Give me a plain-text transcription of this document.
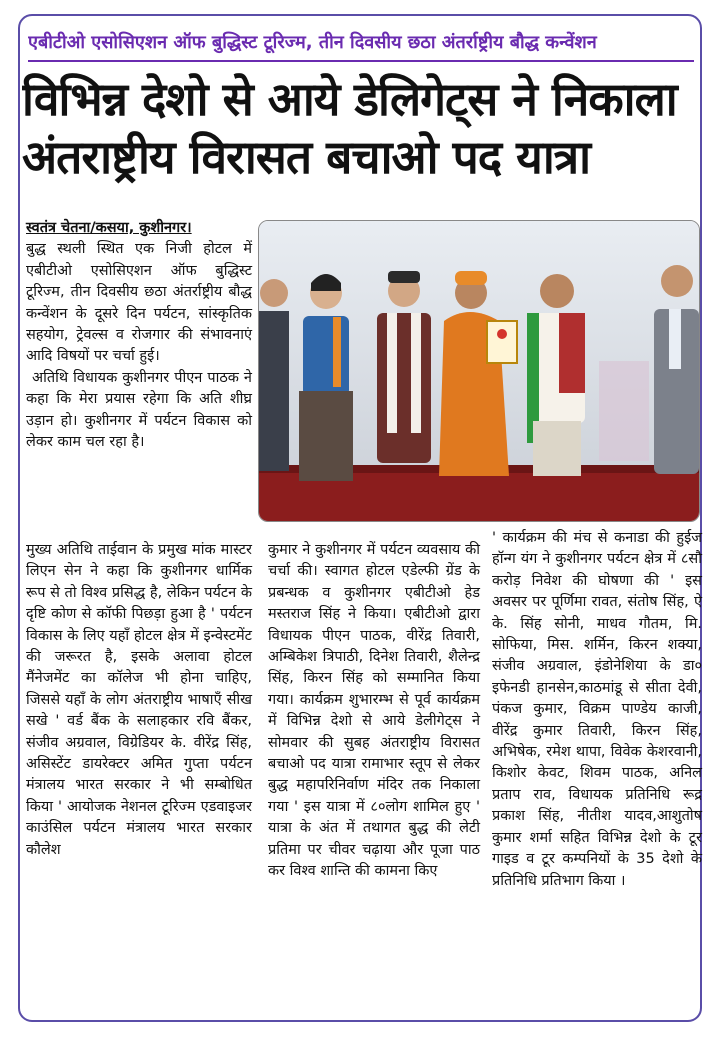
एबीटीओ एसोसिएशन ऑफ बुद्धिस्ट टूरिज्म, तीन दिवसीय छठा अंतर्राष्ट्रीय बौद्ध कन्वेंशन
विभिन्न देशो से आये डेलिगेट्स ने निकाला
अंतराष्ट्रीय विरासत बचाओ पद यात्रा

स्वतंत्र चेतना/कसया, कुशीनगर।

बुद्ध स्थली स्थित एक निजी होटल में एबीटीओ एसोसिएशन ऑफ बुद्धिस्ट टूरिज्म, तीन दिवसीय छठा अंतर्राष्ट्रीय बौद्ध कन्वेंशन के दूसरे दिन पर्यटन, सांस्कृतिक सहयोग, ट्रेवल्स व रोजगार की संभावनाएं आदि विषयों पर चर्चा हुई।

अतिथि विधायक कुशीनगर पीएन पाठक ने कहा कि मेरा प्रयास रहेगा कि अति शीघ्र उड़ान हो। कुशीनगर में पर्यटन विकास को लेकर काम चल रहा है।

मुख्य अतिथि ताईवान के प्रमुख मांक मास्टर लिएन सेन ने कहा कि कुशीनगर धार्मिक रूप से तो विश्व प्रसिद्ध है, लेकिन पर्यटन के दृष्टि कोण से कॉफी पिछड़ा हुआ है ' पर्यटन विकास के लिए यहाँ होटल क्षेत्र में इन्वेस्टमेंट की जरूरत है, इसके अलावा होटल मैंनेजमेंट का कॉलेज भी होना चाहिए, जिससे यहाँ के लोग अंतराष्ट्रीय भाषाएँ सीख सखे ' वर्ड बैंक के सलाहकार रवि बैंकर, संजीव अग्रवाल, विग्रेडियर के. वीरेंद्र सिंह, असिस्टेंट डायरेक्टर अमित गुप्ता पर्यटन मंत्रालय भारत सरकार ने भी सम्बोधित किया ' आयोजक नेशनल टूरिज्म एडवाइजर काउंसिल पर्यटन मंत्रालय भारत सरकार कौलेश

कुमार ने कुशीनगर में पर्यटन व्यवसाय की चर्चा की। स्वागत होटल एडेल्फी ग्रेंड के प्रबन्धक व कुशीनगर एबीटीओ हेड मस्तराज सिंह ने किया। एबीटीओ द्वारा विधायक पीएन पाठक, वीरेंद्र तिवारी, अम्बिकेश त्रिपाठी, दिनेश तिवारी, शैलेन्द्र सिंह, किरन सिंह को सम्मानित किया गया। कार्यक्रम शुभारम्भ से पूर्व कार्यक्रम में विभिन्न देशो से आये डेलीगेट्स ने सोमवार की सुबह अंतराष्ट्रीय विरासत बचाओ पद यात्रा रामाभार स्तूप से लेकर बुद्ध महापरिनिर्वाण मंदिर तक निकाला गया ' इस यात्रा में ८०लोग शामिल हुए ' यात्रा के अंत में तथागत बुद्ध की लेटी प्रतिमा पर चीवर चढ़ाया और पूजा पाठ कर विश्व शान्ति की कामना किए

' कार्यक्रम की मंच से कनाडा की हुईज हॉन्ग यंग ने कुशीनगर पर्यटन क्षेत्र में ८सौ करोड़ निवेश की घोषणा की ' इस अवसर पर पूर्णिमा रावत, संतोष सिंह, ऐ के. सिंह सोनी, माधव गौतम, मि. सोफिया, मिस. शर्मिन, किरन शक्या, संजीव अग्रवाल, इंडोनेशिया के डा० इफेनडी हानसेन,काठमांडू से सीता देवी, पंकज कुमार, विक्रम पाण्डेय काजी, वीरेंद्र कुमार तिवारी, किरन सिंह, अभिषेक, रमेश थापा, विवेक केशरवानी, किशोर केवट, शिवम पाठक, अनिल प्रताप राव, विधायक प्रतिनिधि रूद्र प्रकाश सिंह, नीतीश यादव,आशुतोष कुमार शर्मा सहित विभिन्न देशो के टूर गाइड व टूर कम्पनियों के 35 देशो के प्रतिनिधि प्रतिभाग किया ।
